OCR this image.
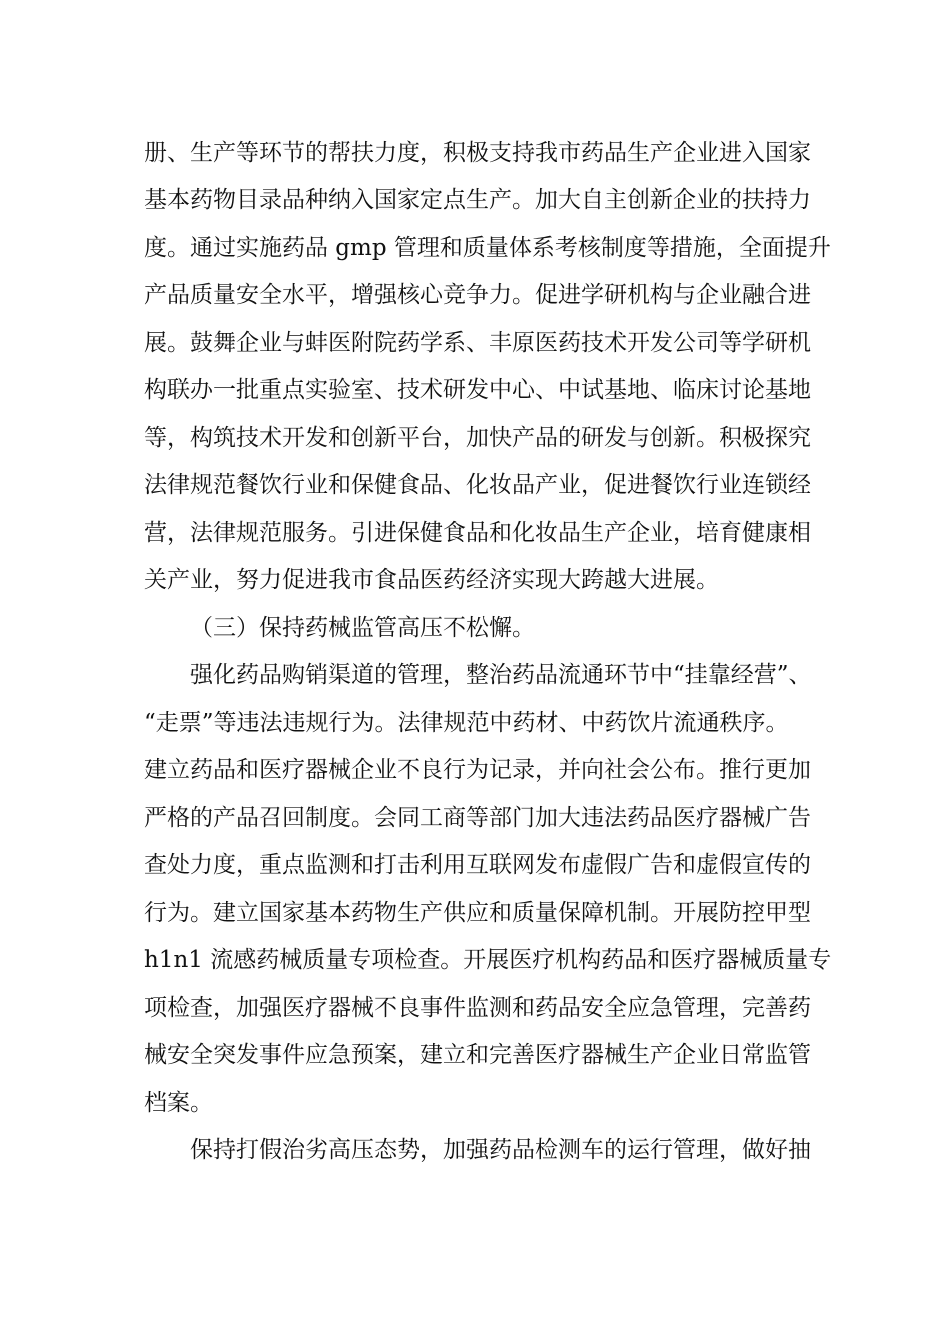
册、生产等环节的帮扶力度，积极支持我市药品生产企业进入国家
基本药物目录品种纳入国家定点生产。加大自主创新企业的扶持力
度。通过实施药品 gmp 管理和质量体系考核制度等措施，全面提升
产品质量安全水平，增强核心竞争力。促进学研机构与企业融合进
展。鼓舞企业与蚌医附院药学系、丰原医药技术开发公司等学研机
构联办一批重点实验室、技术研发中心、中试基地、临床讨论基地
等，构筑技术开发和创新平台，加快产品的研发与创新。积极探究
法律规范餐饮行业和保健食品、化妆品产业，促进餐饮行业连锁经
营，法律规范服务。引进保健食品和化妆品生产企业，培育健康相
关产业，努力促进我市食品医药经济实现大跨越大进展。
（三）保持药械监管高压不松懈。
强化药品购销渠道的管理，整治药品流通环节中“挂靠经营”、
“走票”等违法违规行为。法律规范中药材、中药饮片流通秩序。
建立药品和医疗器械企业不良行为记录，并向社会公布。推行更加
严格的产品召回制度。会同工商等部门加大违法药品医疗器械广告
查处力度，重点监测和打击利用互联网发布虚假广告和虚假宣传的
行为。建立国家基本药物生产供应和质量保障机制。开展防控甲型
h1n1 流感药械质量专项检查。开展医疗机构药品和医疗器械质量专
项检查，加强医疗器械不良事件监测和药品安全应急管理，完善药
械安全突发事件应急预案，建立和完善医疗器械生产企业日常监管
档案。
保持打假治劣高压态势，加强药品检测车的运行管理，做好抽
